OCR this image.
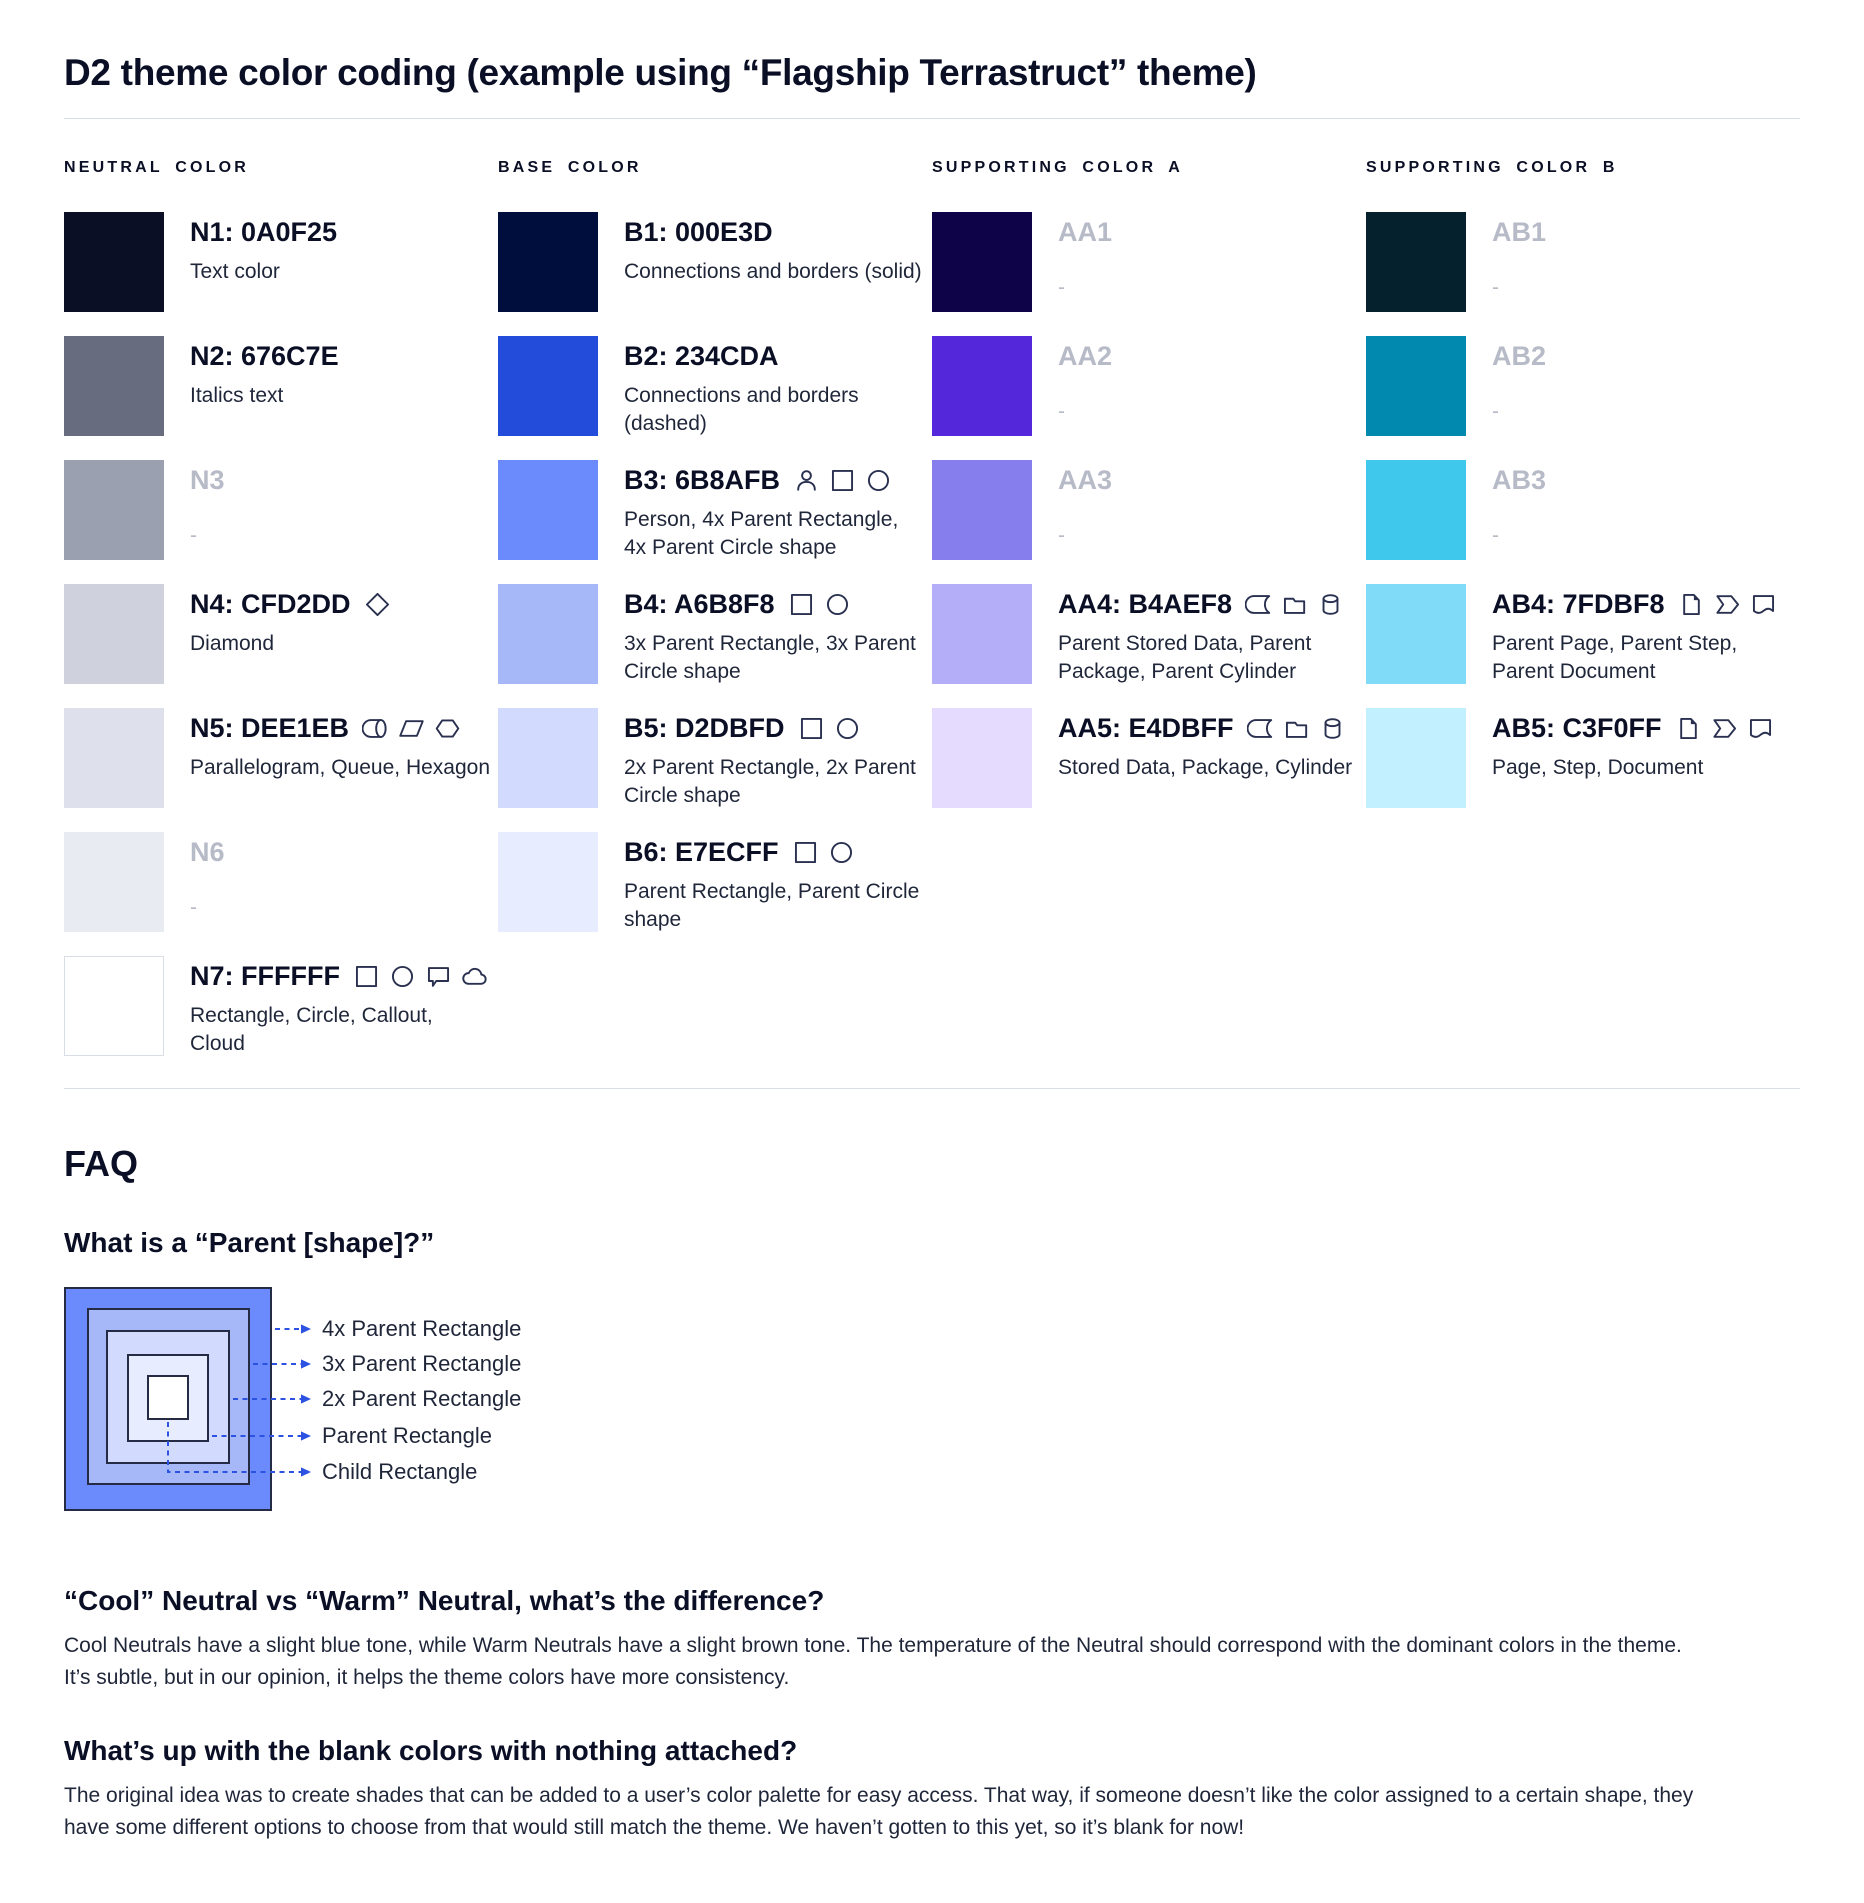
D2 theme color coding (example using “Flagship Terrastruct” theme)
NEUTRAL COLOR
N1: 0A0F25
Text color
N2: 676C7E
Italics text
N3
-
N4: CFD2DD
Diamond
N5: DEE1EB
Parallelogram, Queue, Hexagon
N6
-
N7: FFFFFF
Rectangle, Circle, Callout, Cloud
BASE COLOR
B1: 000E3D
Connections and borders (solid)
B2: 234CDA
Connections and borders (dashed)
B3: 6B8AFB
Person, 4x Parent Rectangle, 4x Parent Circle shape
B4: A6B8F8
3x Parent Rectangle, 3x Parent Circle shape
B5: D2DBFD
2x Parent Rectangle, 2x Parent Circle shape
B6: E7ECFF
Parent Rectangle, Parent Circle shape
SUPPORTING COLOR A
AA1
-
AA2
-
AA3
-
AA4: B4AEF8
Parent Stored Data, Parent Package, Parent Cylinder
AA5: E4DBFF
Stored Data, Package, Cylinder
SUPPORTING COLOR B
AB1
-
AB2
-
AB3
-
AB4: 7FDBF8
Parent Page, Parent Step, Parent Document
AB5: C3F0FF
Page, Step, Document
FAQ
What is a “Parent [shape]?”
4x Parent Rectangle
3x Parent Rectangle
2x Parent Rectangle
Parent Rectangle
Child Rectangle
“Cool” Neutral vs “Warm” Neutral, what’s the difference?

Cool Neutrals have a slight blue tone, while Warm Neutrals have a slight brown tone. The temperature of the Neutral should correspond with the dominant colors in the theme. It’s subtle, but in our opinion, it helps the theme colors have more consistency.

What’s up with the blank colors with nothing attached?

The original idea was to create shades that can be added to a user’s color palette for easy access. That way, if someone doesn’t like the color assigned to a certain shape, they have some different options to choose from that would still match the theme. We haven’t gotten to this yet, so it’s blank for now!
